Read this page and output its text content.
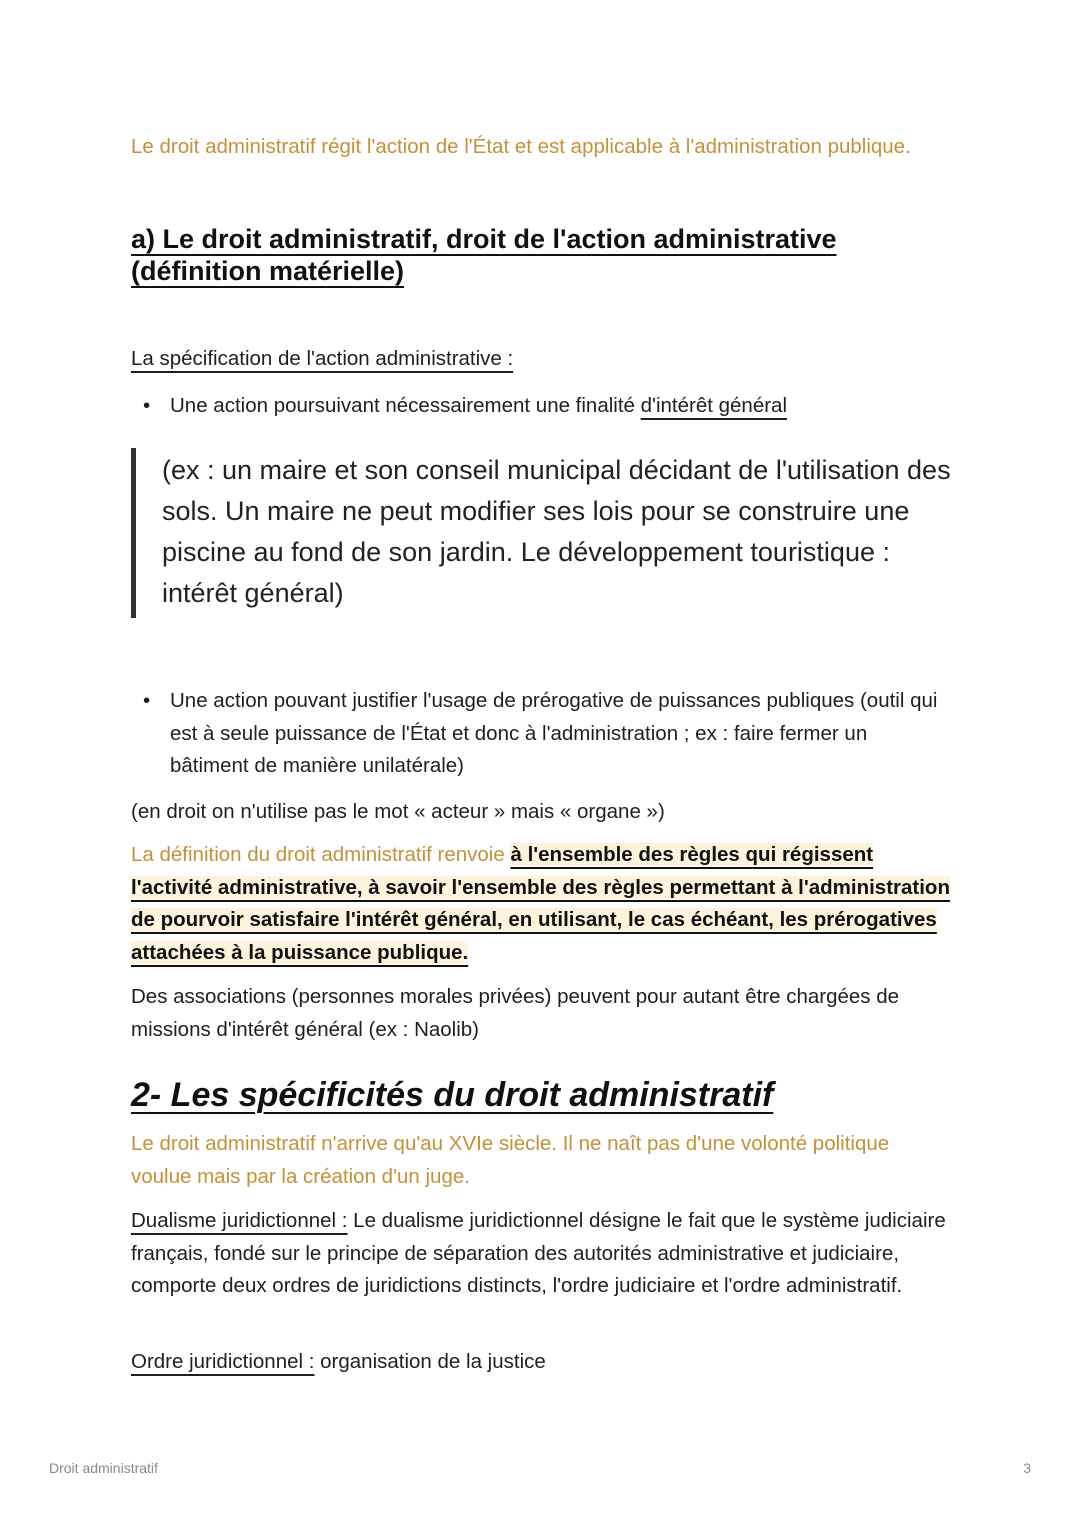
Le droit administratif régit l'action de l'État et est applicable à l'administration publique.
a) Le droit administratif, droit de l'action administrative (définition matérielle)
La spécification de l'action administrative :
• Une action poursuivant nécessairement une finalité d'intérêt général
(ex : un maire et son conseil municipal décidant de l'utilisation des sols. Un maire ne peut modifier ses lois pour se construire une piscine au fond de son jardin. Le développement touristique : intérêt général)
• Une action pouvant justifier l'usage de prérogative de puissances publiques (outil qui est à seule puissance de l'État et donc à l'administration ; ex : faire fermer un bâtiment de manière unilatérale)
(en droit on n'utilise pas le mot « acteur » mais « organe »)
La définition du droit administratif renvoie à l'ensemble des règles qui régissent l'activité administrative, à savoir l'ensemble des règles permettant à l'administration de pourvoir satisfaire l'intérêt général, en utilisant, le cas échéant, les prérogatives attachées à la puissance publique.
Des associations (personnes morales privées) peuvent pour autant être chargées de missions d'intérêt général (ex : Naolib)
2- Les spécificités du droit administratif
Le droit administratif n'arrive qu'au XVIe siècle. Il ne naît pas d'une volonté politique voulue mais par la création d'un juge.
Dualisme juridictionnel : Le dualisme juridictionnel désigne le fait que le système judiciaire français, fondé sur le principe de séparation des autorités administrative et judiciaire, comporte deux ordres de juridictions distincts, l'ordre judiciaire et l'ordre administratif.
Ordre juridictionnel : organisation de la justice
Droit administratif	3
